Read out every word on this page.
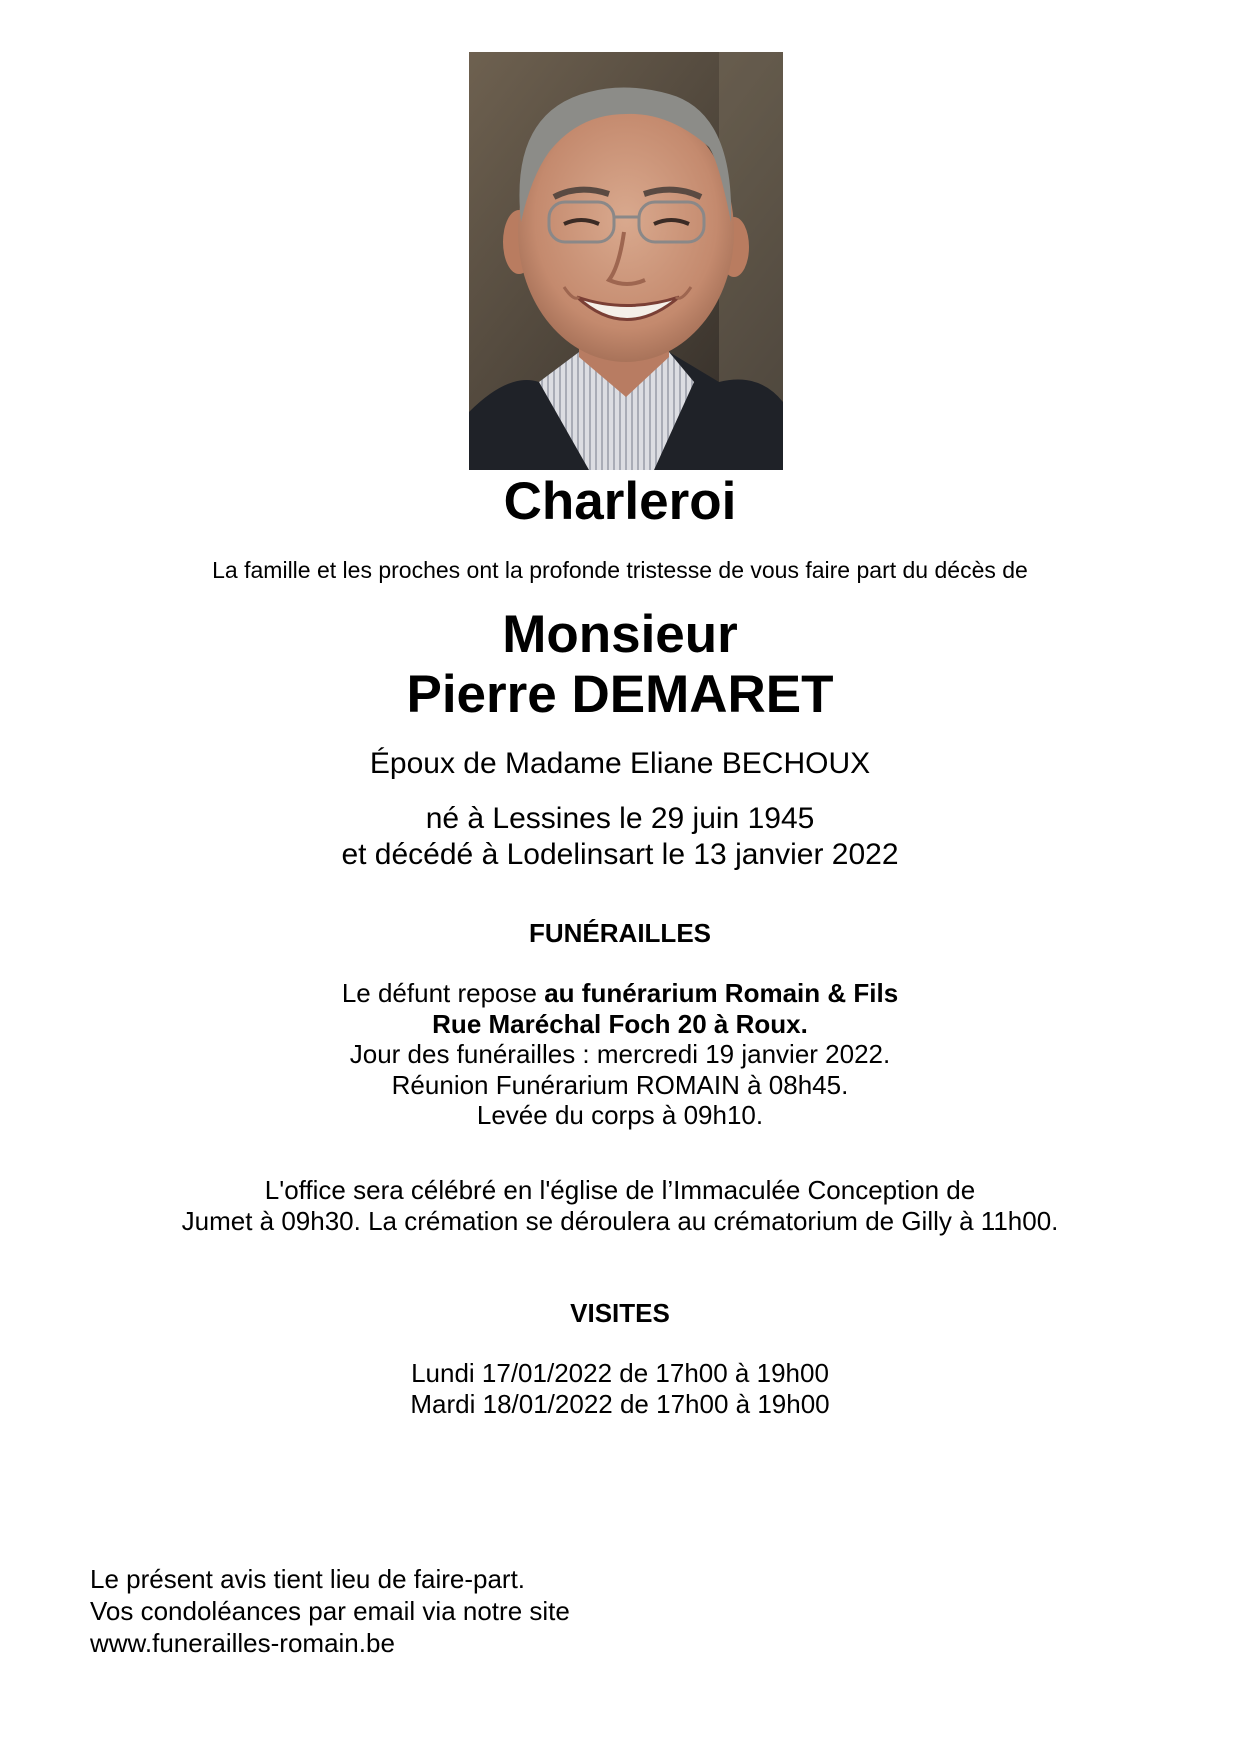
Charleroi
La famille et les proches ont la profonde tristesse de vous faire part du décès de
Monsieur
Pierre DEMARET
Époux de Madame Eliane BECHOUX
né à Lessines le 29 juin 1945
et décédé à Lodelinsart le 13 janvier 2022
FUNÉRAILLES
Le défunt repose au funérarium Romain & Fils
Rue Maréchal Foch 20 à Roux.
Jour des funérailles : mercredi 19 janvier 2022.
Réunion Funérarium ROMAIN à 08h45.
Levée du corps à 09h10.
L'office sera célébré en l'église de l’Immaculée Conception de
Jumet à 09h30. La crémation se déroulera au crématorium de Gilly à 11h00.
VISITES
Lundi 17/01/2022 de 17h00 à 19h00
Mardi 18/01/2022 de 17h00 à 19h00
Le présent avis tient lieu de faire-part.
Vos condoléances par email via notre site
www.funerailles-romain.be
